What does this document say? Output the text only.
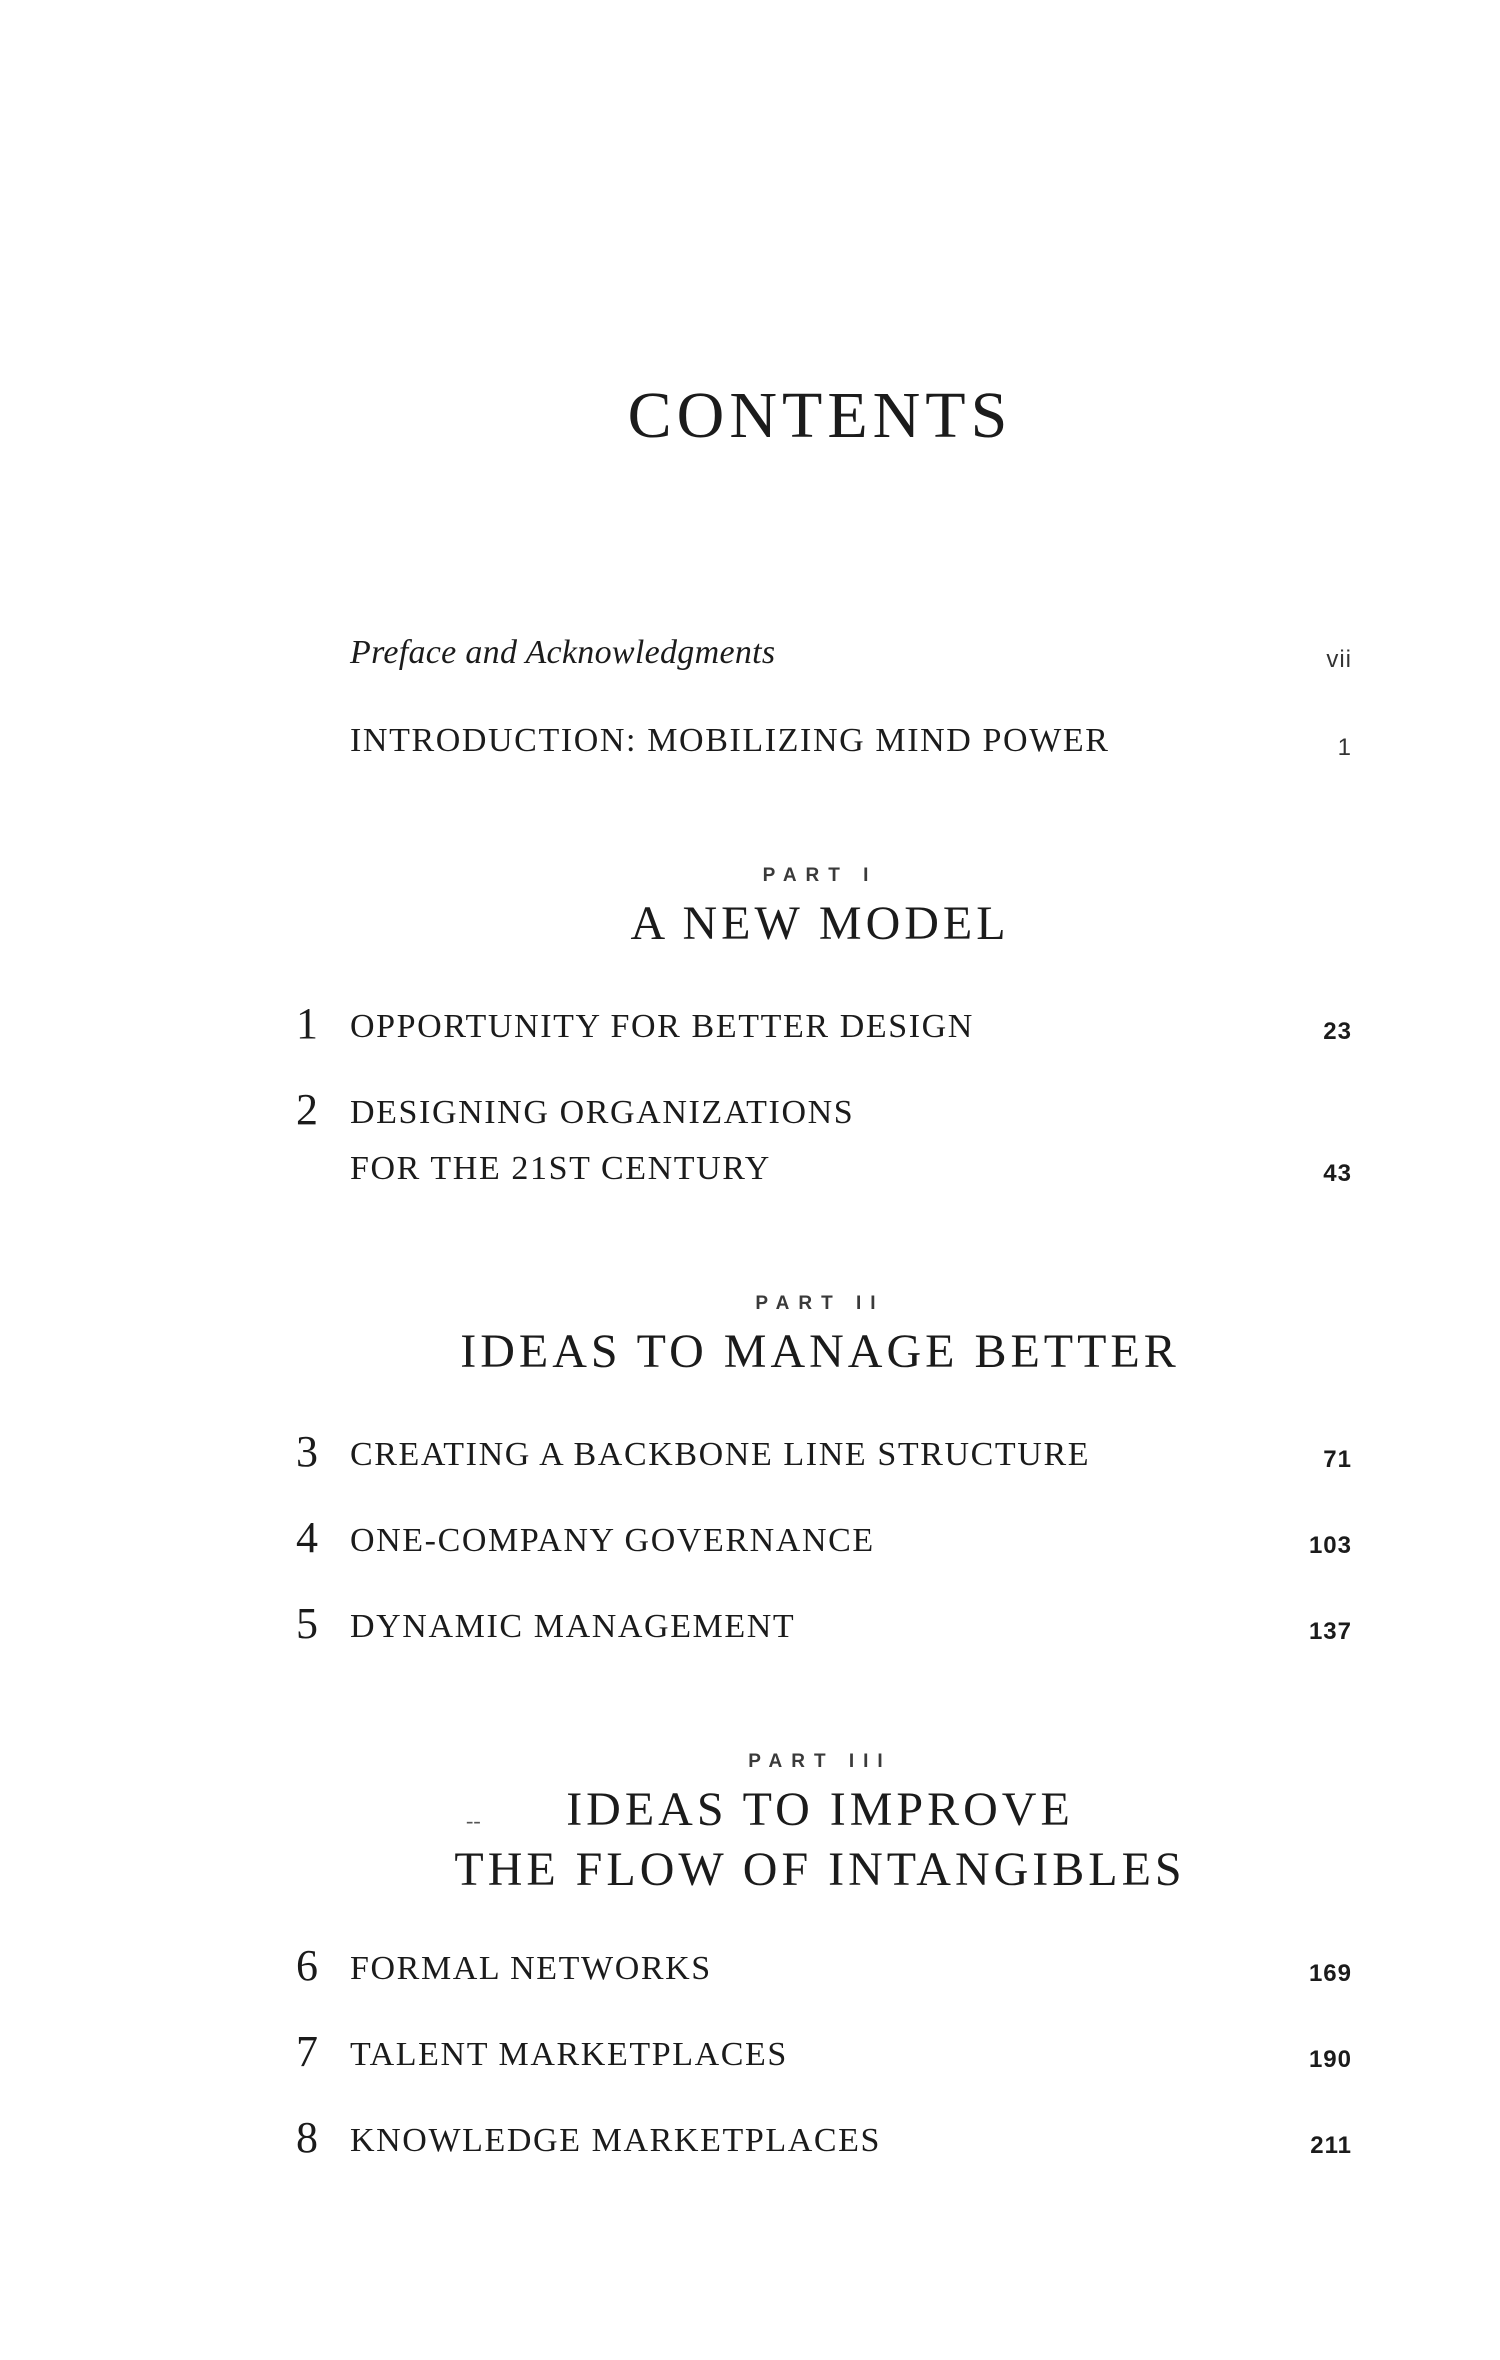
CONTENTS
Preface and Acknowledgments	vii
INTRODUCTION: MOBILIZING MIND POWER	1
PART I
A NEW MODEL
1 OPPORTUNITY FOR BETTER DESIGN	23
2 DESIGNING ORGANIZATIONS
FOR THE 21ST CENTURY	43
PART II
IDEAS TO MANAGE BETTER
3 CREATING A BACKBONE LINE STRUCTURE	71
4 ONE-COMPANY GOVERNANCE	103
5 DYNAMIC MANAGEMENT	137
PART III
--	IDEAS TO IMPROVE
THE FLOW OF INTANGIBLES
6 FORMAL NETWORKS	169
7 TALENT MARKETPLACES	190
8 KNOWLEDGE MARKETPLACES	211
